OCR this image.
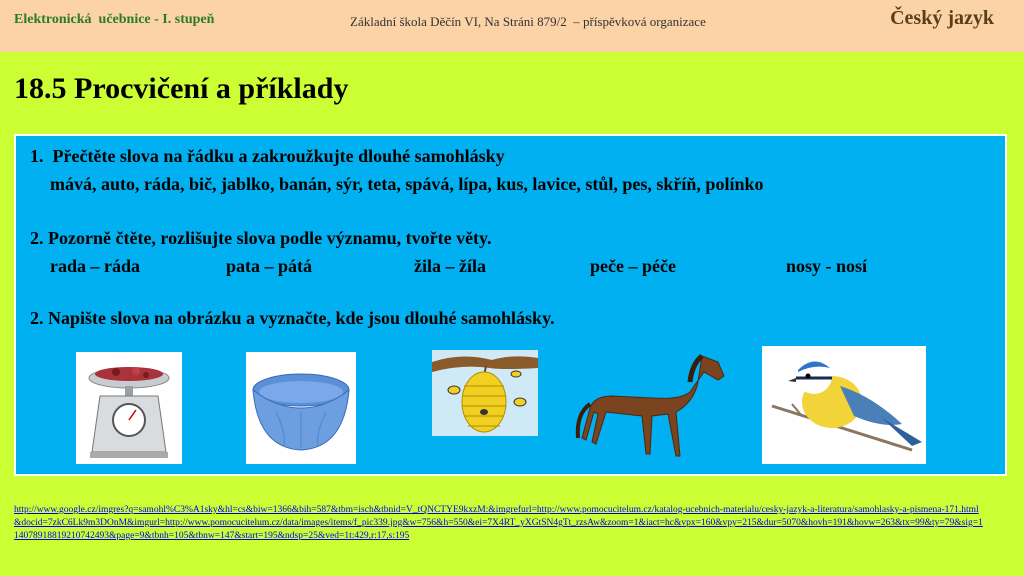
Elektronická  učebnice - I. stupeň	Základní škola Děčín VI, Na Stráni 879/2  – příspěvková organizace	Český jazyk
18.5 Procvičení a příklady
1.  Přečtěte slova na řádku a zakroužkujte dlouhé samohlásky
mává, auto, ráda, bič, jablko, banán, sýr, teta, spává, lípa, kus, lavice, stůl, pes, skříň, polínko
2. Pozorně čtěte, rozlišujte slova podle významu, tvořte věty.
rada – ráda	pata – pátá	žila – žíla	peče – péče	nosy - nosí
2. Napište slova na obrázku a vyznačte, kde jsou dlouhé samohlásky.
http://www.google.cz/imgres?q=samohl%C3%A1sky&hl=cs&biw=1366&bih=587&tbm=isch&tbnid=V_tQNCTYE9kxzM:&imgrefurl=http://www.pomocucitelum.cz/katalog-ucebnich-materialu/cesky-jazyk-a-literatura/samohlasky-a-pismena-171.html&docid=7zkC6Lk9m3DOnM&imgurl=http://www.pomocucitelum.cz/data/images/items/f_pic339.jpg&w=756&h=550&ei=7X4RT_yXGtSN4gTt_rzsAw&zoom=1&iact=hc&vpx=160&vpy=215&dur=5070&hovh=191&hovw=263&tx=99&ty=79&sig=114078918819210742493&page=9&tbnh=105&tbnw=147&start=195&ndsp=25&ved=1t:429,r:17,s:195
